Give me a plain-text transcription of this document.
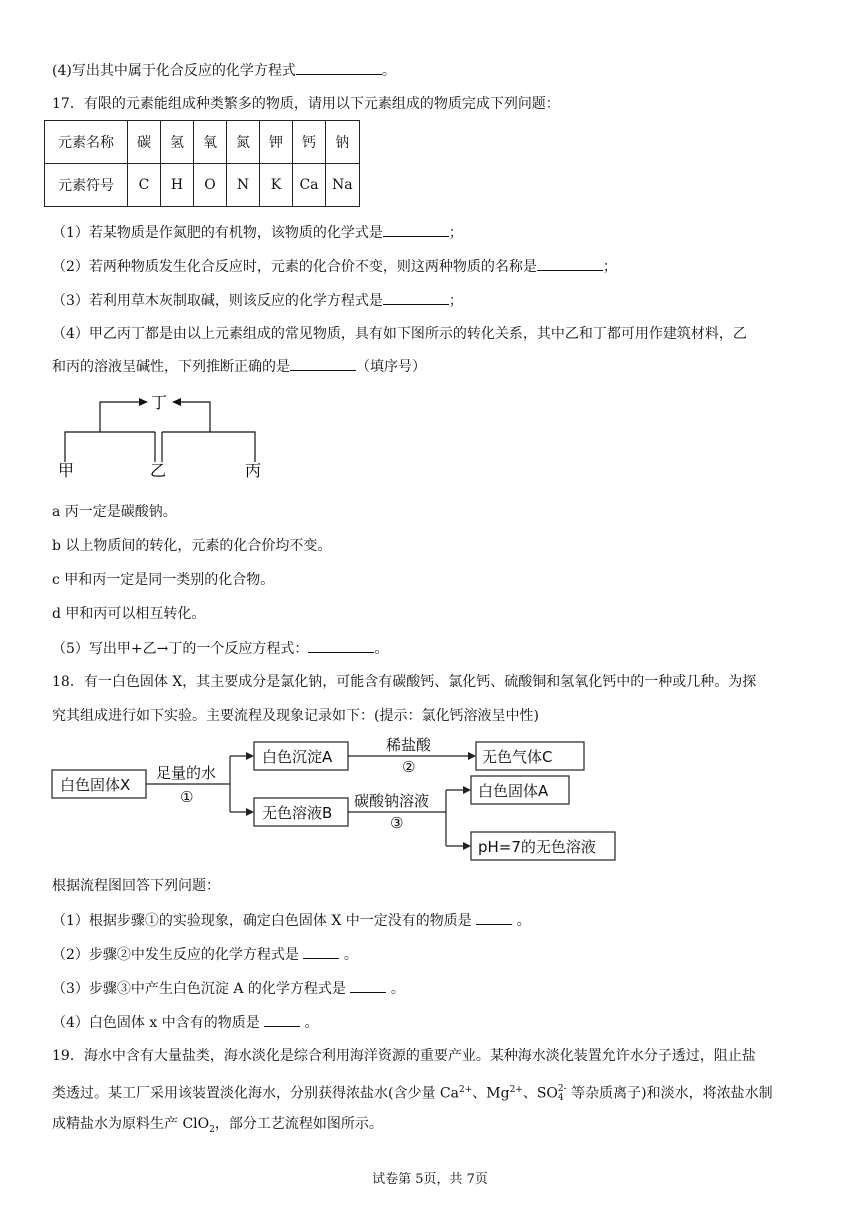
(4)写出其中属于化合反应的化学方程式	。
17．有限的元素能组成种类繁多的物质，请用以下元素组成的物质完成下列问题：
元素名称	碳	氢	氧	氮	钾	钙	钠
元素符号	C	H	O	N	K	Ca	Na
（1）若某物质是作氮肥的有机物，该物质的化学式是	；
（2）若两种物质发生化合反应时，元素的化合价不变，则这两种物质的名称是	；
（3）若利用草木灰制取碱，则该反应的化学方程式是	；
（4）甲乙丙丁都是由以上元素组成的常见物质，具有如下图所示的转化关系，其中乙和丁都可用作建筑材料，乙
和丙的溶液呈碱性，下列推断正确的是	（填序号）
丁
甲	乙	丙
a 丙一定是碳酸钠。
b 以上物质间的转化，元素的化合价均不变。
c 甲和丙一定是同一类别的化合物。
d 甲和丙可以相互转化。
（5）写出甲+乙→丁的一个反应方程式：	。
18．有一白色固体 X，其主要成分是氯化钠，可能含有碳酸钙、氯化钙、硫酸铜和氢氧化钙中的一种或几种。为探
究其组成进行如下实验。主要流程及现象记录如下：(提示：氯化钙溶液呈中性)
白色固体X
足量的水
①
白色沉淀A
稀盐酸
②
无色气体C
无色溶液B
碳酸钠溶液
③
白色固体A
pH=7的无色溶液
根据流程图回答下列问题：
（1）根据步骤①的实验现象，确定白色固体 X 中一定没有的物质是	。
（2）步骤②中发生反应的化学方程式是	。
（3）步骤③中产生白色沉淀 A 的化学方程式是	。
（4）白色固体 x 中含有的物质是	。
19．海水中含有大量盐类，海水淡化是综合利用海洋资源的重要产业。某种海水淡化装置允许水分子透过，阻止盐
类透过。某工厂采用该装置淡化海水，分别获得浓盐水(含少量 $Ca^{2+}$、$Mg^{2+}$、SO 2-
4 等杂质离子)和淡水，将浓盐水制
成精盐水为原料生产 ClO$_2$，部分工艺流程如图所示。
试卷第 5页，共 7页
